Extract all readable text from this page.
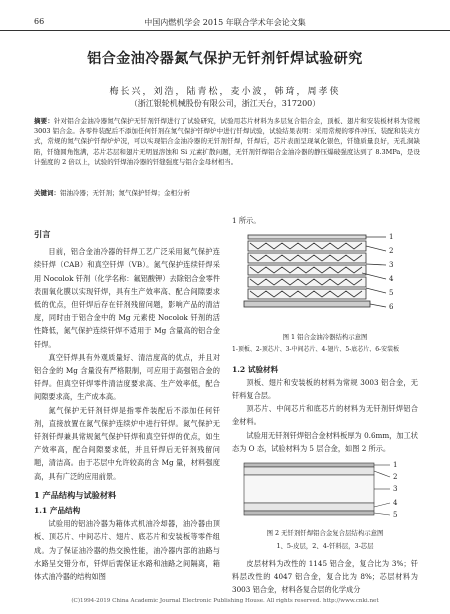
66	中国内燃机学会 2015 年联合学术年会论文集
铝合金油冷器氮气保护无钎剂钎焊试验研究
梅长兴，刘浩，陆青松，麦小波，韩琦，周孝侠
（浙江银轮机械股份有限公司，浙江天台，317200）
摘要：针对铝合金油冷器氮气保护无钎剂钎焊进行了试验研究，试验用芯片材料为多层复合铝合金，顶板、翅片和安装板材料为常规 3003 铝合金。各零件装配后不添加任何钎剂在氮气保护钎焊炉中进行钎焊试验，试验结果表明：采用常规的零件冲压、装配和装夹方式，常规的氮气保护钎焊炉炉况，可以实现铝合金油冷器的无钎剂钎焊，钎焊后，芯片表面呈现氧化银色，钎缝质量良好，无孔洞缺陷，钎缝圆角饱满，芯片芯层和翅片无明显溶蚀和 Si 元素扩散问题，无钎剂钎焊铝合金油冷器的静压爆破强度达到了 8.3MPa，是设计强度的 2 倍以上，试验的钎焊油冷器的钎缝强度与铝合金母材相当。
关键词：铝油冷器；无钎剂；氮气保护钎焊；金相分析
引言

目前，铝合金油冷器的钎焊工艺广泛采用氮气保护连续钎焊（CAB）和真空钎焊（VB）。氮气保护连续钎焊采用 Nocolok 钎剂（化学名称：氟铝酸钾）去除铝合金零件表面氧化膜以实现钎焊，具有生产效率高、配合间隙要求低的优点，但钎焊后存在钎剂残留问题，影响产品的清洁度，同时由于铝合金中的 Mg 元素使 Nocolok 钎剂的活性降低，氮气保护连续钎焊不适用于 Mg 含量高的铝合金钎焊。

真空钎焊具有外观质量好、清洁度高的优点，并且对铝合金的 Mg 含量没有严格限制，可应用于高强铝合金的钎焊。但真空钎焊零件清洁度要求高、生产效率低，配合间隙要求高，生产成本高。

氮气保护无钎剂钎焊是指零件装配后不添加任何钎剂，直接放置在氮气保护连续炉中进行钎焊。氮气保护无钎剂钎焊兼具常规氮气保护钎焊和真空钎焊的优点，如生产效率高，配合间隙要求低，并且钎焊后无钎剂残留问题，清洁高。由于芯层中允许较高的含 Mg 量，材料强度高，具有广泛的应用前景。

1 产品结构与试验材料
1.1 产品结构

试验用的铝油冷器为箱体式机油冷却器，油冷器由顶板、顶芯片、中间芯片、翅片、底芯片和安装板等零件组成。为了保证油冷器的热交换性能，油冷器内部的油路与水路呈交错分布，钎焊后需保证水路和油路之间隔离，箱体式油冷器的结构如图

1 所示。

1
2
3
4
5
6
图 1 铝合金油冷器结构示意图
1-顶板、2-顶芯片、3-中间芯片、4-翅片、5-底芯片、6-安装板
1.2 试验材料

顶板、翅片和安装板的材料为常规 3003 铝合金，无钎料复合层。

顶芯片、中间芯片和底芯片的材料为无钎剂钎焊铝合金材料。

试验用无钎剂钎焊铝合金材料板厚为 0.6mm，加工状态为 O 态，试验材料为 5 层合金，如图 2 所示。

1
2
3
4
5
图 2 无钎剂钎焊铝合金复合层结构示意图
1、5-皮层，2、4-钎料层，3-芯层

皮层材料为改性的 1145 铝合金，复合比为 3%；钎料层改性的 4047 铝合金，复合比为 8%；芯层材料为 3003 铝合金，材料各复合层的化学成分

(C)1994-2019 China Academic Journal Electronic Publishing House. All rights reserved. http://www.cnki.net
